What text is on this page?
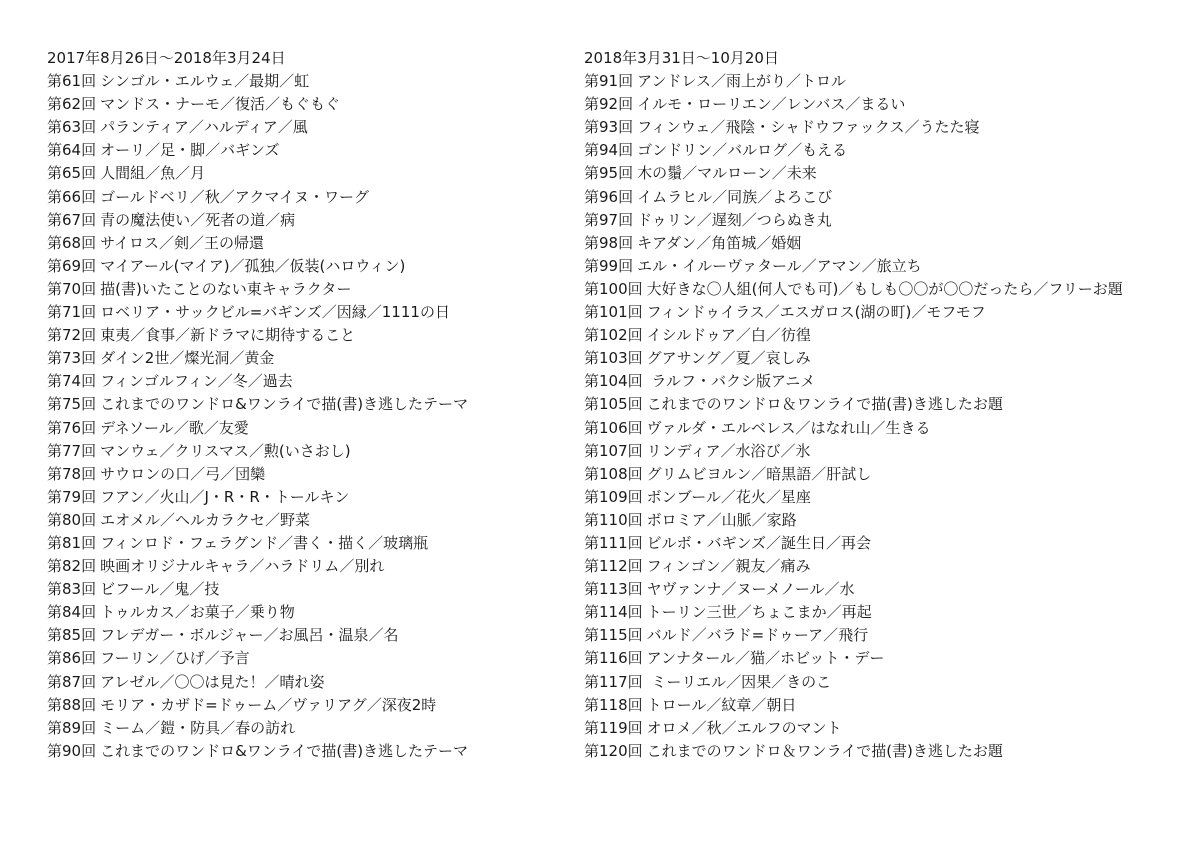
2017年8月26日〜2018年3月24日
第61回 シンゴル・エルウェ／最期／虹
第62回 マンドス・ナーモ／復活／もぐもぐ
第63回 パランティア／ハルディア／風
第64回 オーリ／足・脚／バギンズ
第65回 人間組／魚／月
第66回 ゴールドベリ／秋／アクマイヌ・ワーグ
第67回 青の魔法使い／死者の道／病
第68回 サイロス／剣／王の帰還
第69回 マイアール(マイア)／孤独／仮装(ハロウィン)
第70回 描(書)いたことのない東キャラクター
第71回 ロベリア・サックビル=バギンズ／因縁／1111の日
第72回 東夷／食事／新ドラマに期待すること
第73回 ダイン2世／燦光洞／黄金
第74回 フィンゴルフィン／冬／過去
第75回 これまでのワンドロ&ワンライで描(書)き逃したテーマ
第76回 デネソール／歌／友愛
第77回 マンウェ／クリスマス／勲(いさおし)
第78回 サウロンの口／弓／団欒
第79回 フアン／火山／J・R・R・トールキン
第80回 エオメル／ヘルカラクセ／野菜
第81回 フィンロド・フェラグンド／書く・描く／玻璃瓶
第82回 映画オリジナルキャラ／ハラドリム／別れ
第83回 ビフール／鬼／技
第84回 トゥルカス／お菓子／乗り物
第85回 フレデガー・ボルジャー／お風呂・温泉／名
第86回 フーリン／ひげ／予言
第87回 アレゼル／〇〇は見た！／晴れ姿
第88回 モリア・カザド=ドゥーム／ヴァリアグ／深夜2時
第89回 ミーム／鎧・防具／春の訪れ
第90回 これまでのワンドロ&ワンライで描(書)き逃したテーマ
2018年3月31日〜10月20日
第91回 アンドレス／雨上がり／トロル
第92回 イルモ・ローリエン／レンバス／まるい
第93回 フィンウェ／飛陰・シャドウファックス／うたた寝
第94回 ゴンドリン／バルログ／もえる
第95回 木の鬚／マルローン／未来
第96回 イムラヒル／同族／よろこび
第97回 ドゥリン／遅刻／つらぬき丸
第98回 キアダン／角笛城／婚姻
第99回 エル・イルーヴァタール／アマン／旅立ち
第100回 大好きな〇人組(何人でも可)／もしも〇〇が〇〇だったら／フリーお題
第101回 フィンドゥイラス／エスガロス(湖の町)／モフモフ
第102回 イシルドゥア／白／彷徨
第103回 グアサング／夏／哀しみ
第104回 ラルフ・バクシ版アニメ
第105回 これまでのワンドロ＆ワンライで描(書)き逃したお題
第106回 ヴァルダ・エルベレス／はなれ山／生きる
第107回 リンディア／水浴び／氷
第108回 グリムビヨルン／暗黒語／肝試し
第109回 ボンブール／花火／星座
第110回 ボロミア／山脈／家路
第111回 ビルボ・バギンズ／誕生日／再会
第112回 フィンゴン／親友／痛み
第113回 ヤヴァンナ／ヌーメノール／水
第114回 トーリン三世／ちょこまか／再起
第115回 バルド／バラド=ドゥーア／飛行
第116回 アンナタール／猫／ホビット・デー
第117回 ミーリエル／因果／きのこ
第118回 トロール／紋章／朝日
第119回 オロメ／秋／エルフのマント
第120回 これまでのワンドロ＆ワンライで描(書)き逃したお題
